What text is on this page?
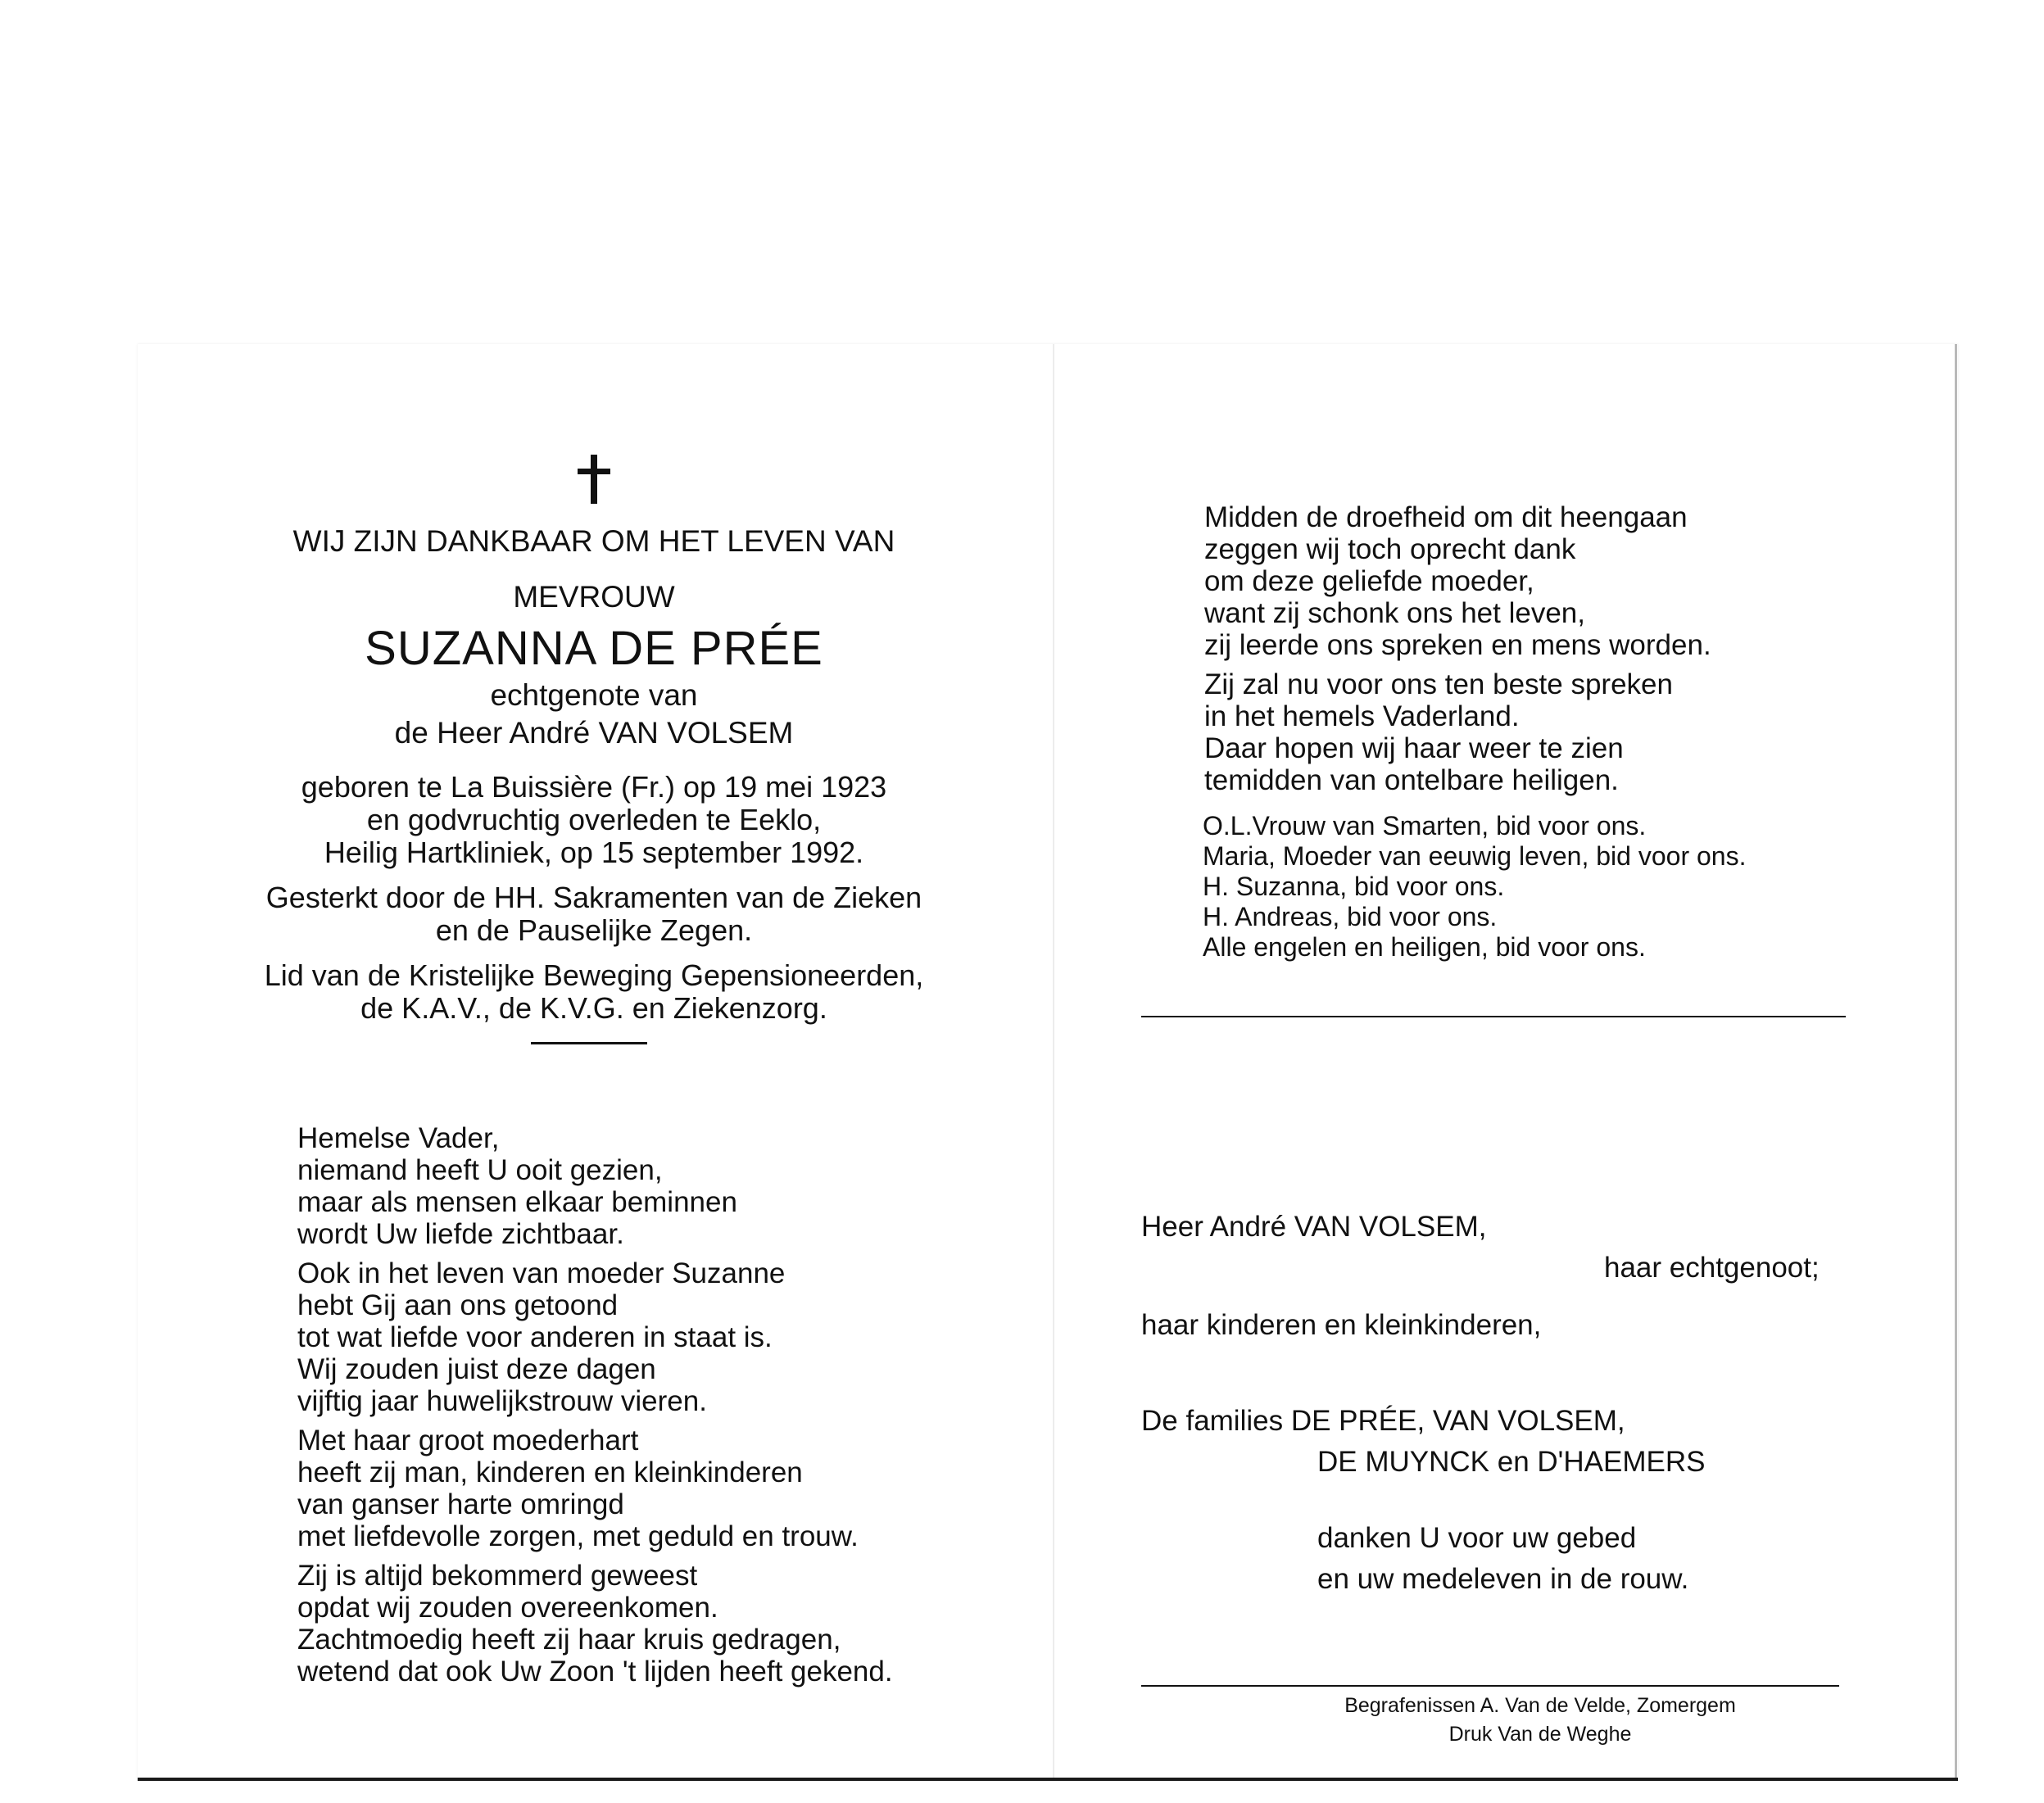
WIJ ZIJN DANKBAAR OM HET LEVEN VAN
MEVROUW
SUZANNA DE PRÉE
echtgenote van
de Heer André VAN VOLSEM
geboren te La Buissière (Fr.) op 19 mei 1923
en godvruchtig overleden te Eeklo,
Heilig Hartkliniek, op 15 september 1992.
Gesterkt door de HH. Sakramenten van de Zieken
en de Pauselijke Zegen.
Lid van de Kristelijke Beweging Gepensioneerden,
de K.A.V., de K.V.G. en Ziekenzorg.
Hemelse Vader,
niemand heeft U ooit gezien,
maar als mensen elkaar beminnen
wordt Uw liefde zichtbaar.
Ook in het leven van moeder Suzanne
hebt Gij aan ons getoond
tot wat liefde voor anderen in staat is.
Wij zouden juist deze dagen
vijftig jaar huwelijkstrouw vieren.
Met haar groot moederhart
heeft zij man, kinderen en kleinkinderen
van ganser harte omringd
met liefdevolle zorgen, met geduld en trouw.
Zij is altijd bekommerd geweest
opdat wij zouden overeenkomen.
Zachtmoedig heeft zij haar kruis gedragen,
wetend dat ook Uw Zoon 't lijden heeft gekend.
Midden de droefheid om dit heengaan
zeggen wij toch oprecht dank
om deze geliefde moeder,
want zij schonk ons het leven,
zij leerde ons spreken en mens worden.
Zij zal nu voor ons ten beste spreken
in het hemels Vaderland.
Daar hopen wij haar weer te zien
temidden van ontelbare heiligen.
O.L.Vrouw van Smarten, bid voor ons.
Maria, Moeder van eeuwig leven, bid voor ons.
H. Suzanna, bid voor ons.
H. Andreas, bid voor ons.
Alle engelen en heiligen, bid voor ons.
Heer André VAN VOLSEM,
haar echtgenoot;
haar kinderen en kleinkinderen,
De families DE PRÉE, VAN VOLSEM,
DE MUYNCK en D'HAEMERS
danken U voor uw gebed
en uw medeleven in de rouw.
Begrafenissen A. Van de Velde, Zomergem
Druk Van de Weghe
